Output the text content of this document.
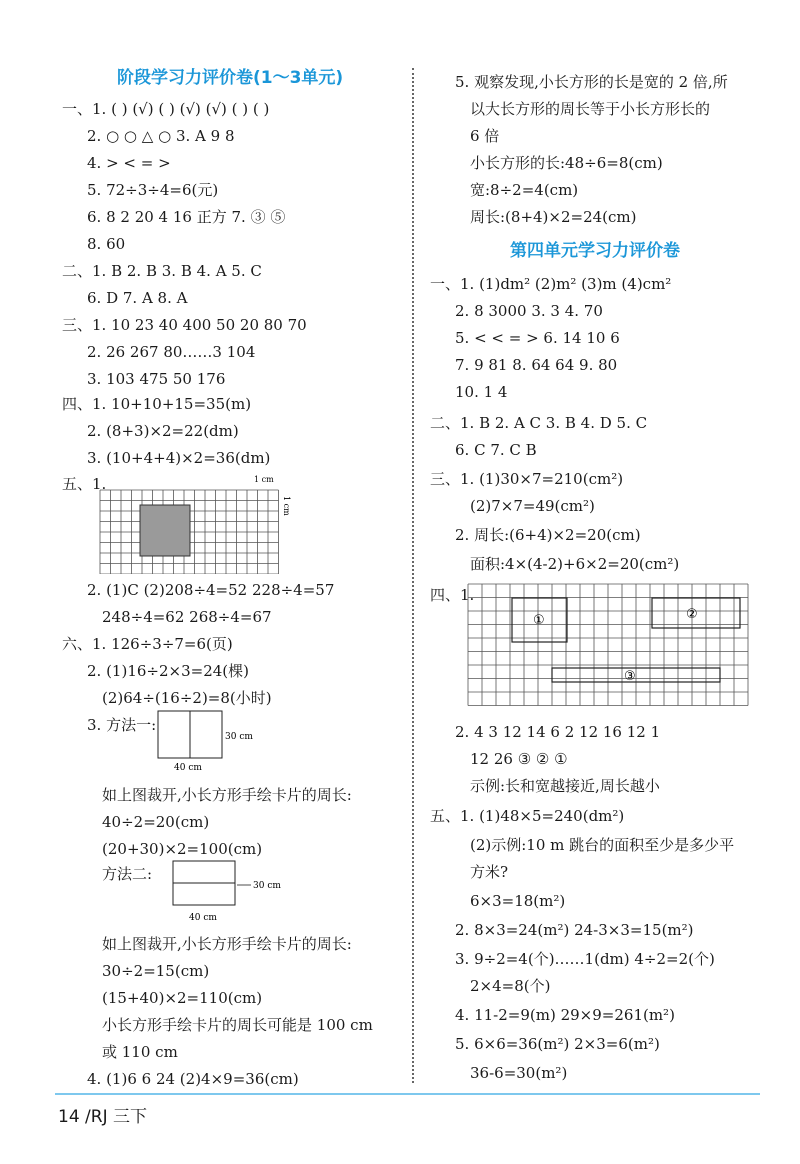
阶段学习力评价卷(1～3单元)
一、1. ( ) (√) ( ) (√) (√) ( ) ( )
2. ○ ○ △ ○ 3. A 9 8
4. > < = >
5. 72÷3÷4=6(元)
6. 8 2 20 4 16 正方 7. ③ ⑤
8. 60
二、1. B 2. B 3. B 4. A 5. C
6. D 7. A 8. A
三、1. 10 23 40 400 50 20 80 70
2. 26 267 80……3 104
3. 103 475 50 176
四、1. 10+10+15=35(m)
2. (8+3)×2=22(dm)
3. (10+4+4)×2=36(dm)
五、1.
2. (1)C (2)208÷4=52 228÷4=57
248÷4=62 268÷4=67
六、1. 126÷3÷7=6(页)
2. (1)16÷2×3=24(棵)
(2)64÷(16÷2)=8(小时)
3. 方法一:
如上图裁开,小长方形手绘卡片的周长:
40÷2=20(cm)
(20+30)×2=100(cm)
方法二:
如上图裁开,小长方形手绘卡片的周长:
30÷2=15(cm)
(15+40)×2=110(cm)
小长方形手绘卡片的周长可能是 100 cm
或 110 cm
4. (1)6 6 24 (2)4×9=36(cm)
第四单元学习力评价卷
5. 观察发现,小长方形的长是宽的 2 倍,所
以大长方形的周长等于小长方形长的
6 倍
小长方形的长:48÷6=8(cm)
宽:8÷2=4(cm)
周长:(8+4)×2=24(cm)
一、1. (1)dm² (2)m² (3)m (4)cm²
2. 8 3000 3. 3 4. 70
5. < < = > 6. 14 10 6
7. 9 81 8. 64 64 9. 80
10. 1 4
二、1. B 2. A C 3. B 4. D 5. C
6. C 7. C B
三、1. (1)30×7=210(cm²)
(2)7×7=49(cm²)
2. 周长:(6+4)×2=20(cm)
面积:4×(4-2)+6×2=20(cm²)
四、1.
2. 4 3 12 14 6 2 12 16 12 1
12 26 ③ ② ①
示例:长和宽越接近,周长越小
五、1. (1)48×5=240(dm²)
(2)示例:10 m 跳台的面积至少是多少平
方米?
6×3=18(m²)
2. 8×3=24(m²) 24-3×3=15(m²)
3. 9÷2=4(个)……1(dm) 4÷2=2(个)
2×4=8(个)
4. 11-2=9(m) 29×9=261(m²)
5. 6×6=36(m²) 2×3=6(m²)
36-6=30(m²)
1 cm
1 cm
30 cm
40 cm
30 cm
40 cm
①	②
③
14 /RJ 三下
